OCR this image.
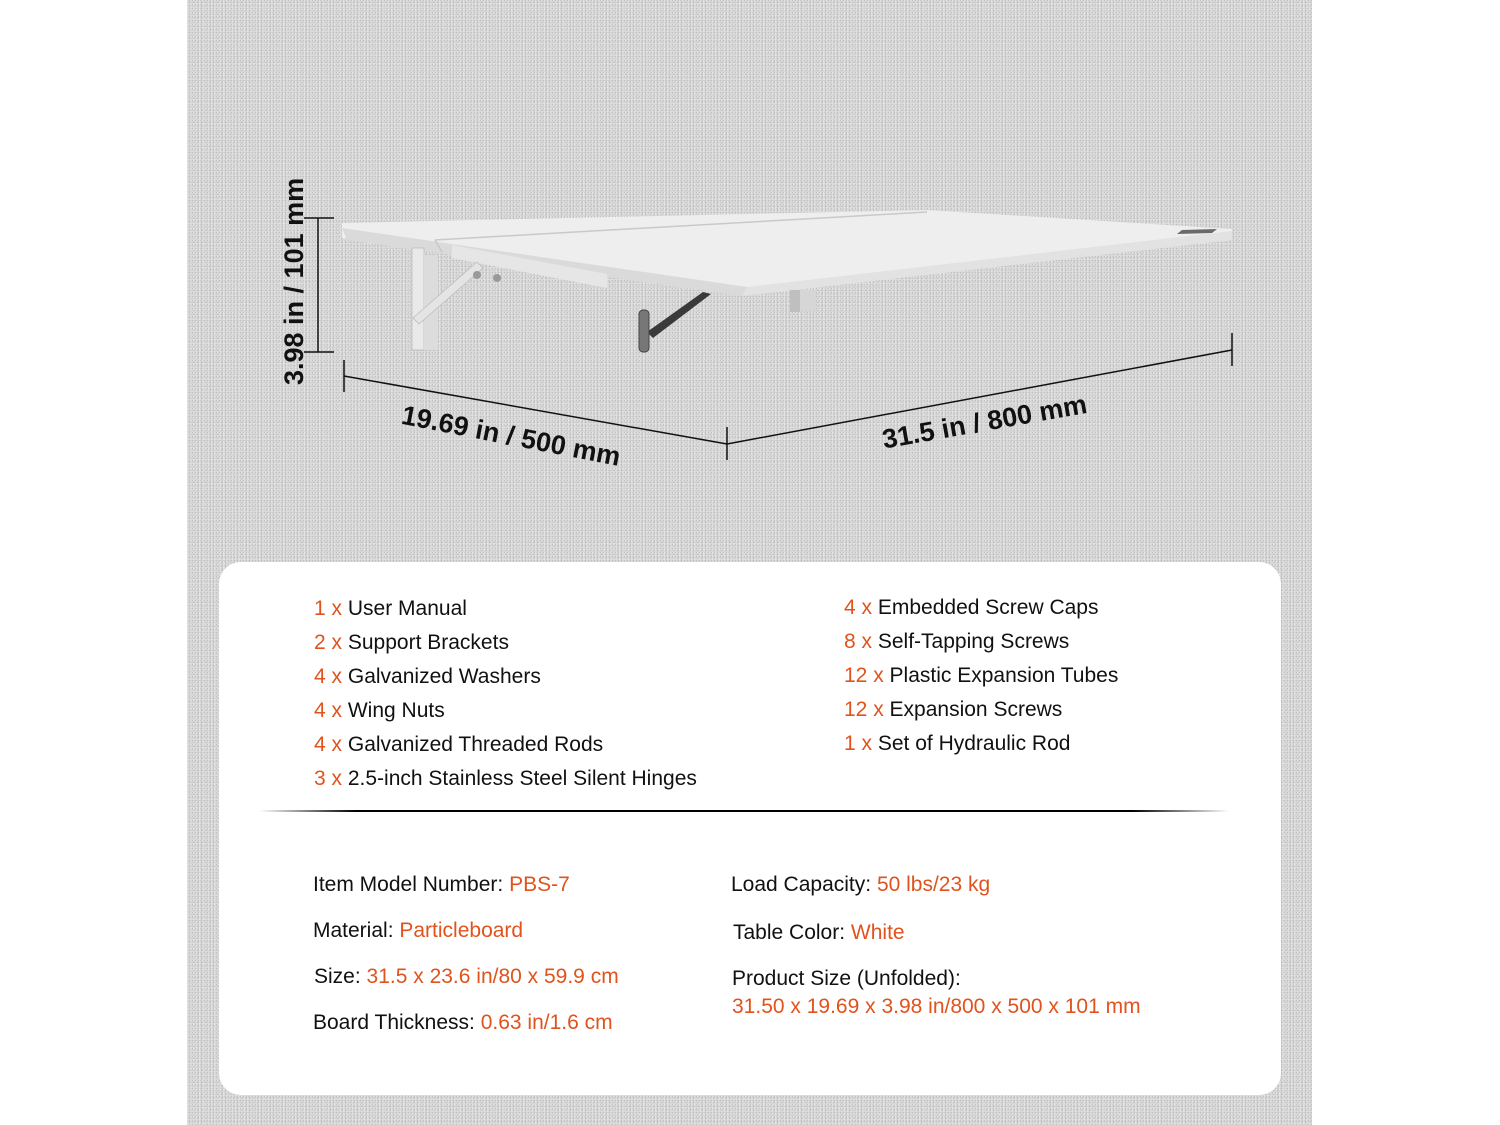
3.98 in / 101 mm
19.69 in / 500 mm	31.5 in / 800 mm
1 x User Manual
2 x Support Brackets
4 x Galvanized Washers
4 x Wing Nuts
4 x Galvanized Threaded Rods
3 x 2.5-inch Stainless Steel Silent Hinges
4 x Embedded Screw Caps
8 x Self-Tapping Screws
12 x Plastic Expansion Tubes
12 x Expansion Screws
1 x Set of Hydraulic Rod
Item Model Number: PBS-7
Material: Particleboard
Size: 31.5 x 23.6 in/80 x 59.9 cm
Board Thickness: 0.63 in/1.6 cm
Load Capacity: 50 lbs/23 kg
Table Color: White
Product Size (Unfolded):
31.50 x 19.69 x 3.98 in/800 x 500 x 101 mm
